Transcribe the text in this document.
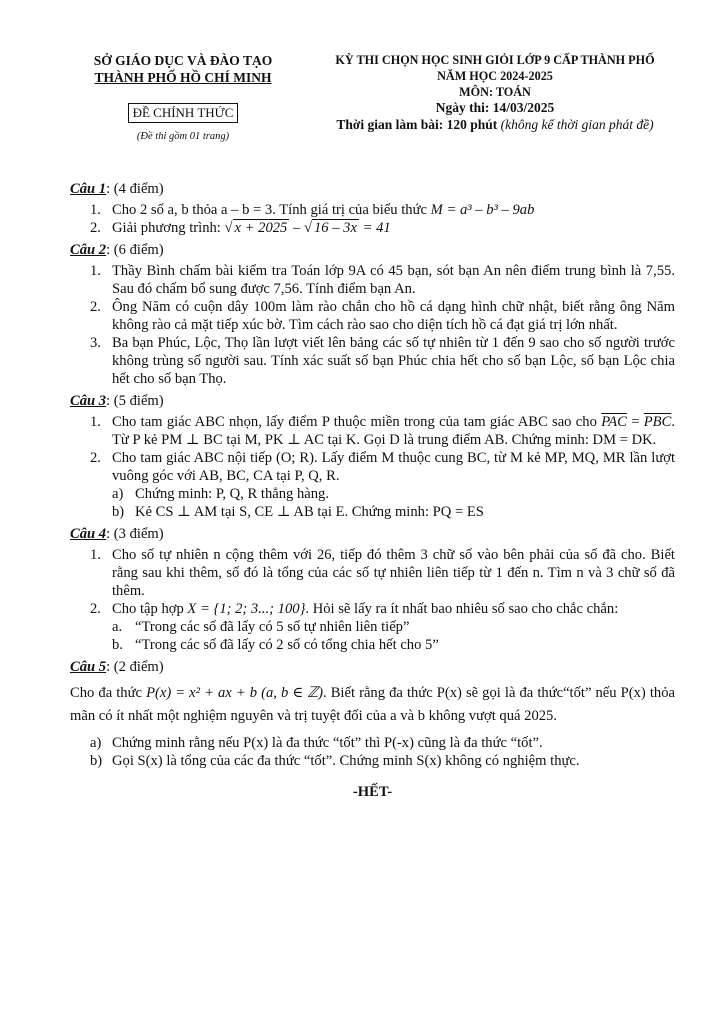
SỞ GIÁO DỤC VÀ ĐÀO TẠO
THÀNH PHỐ HỒ CHÍ MINH
ĐỀ CHÍNH THỨC
(Đề thi gồm 01 trang)
KỲ THI CHỌN HỌC SINH GIỎI LỚP 9 CẤP THÀNH PHỐ
NĂM HỌC 2024-2025
MÔN: TOÁN
Ngày thi: 14/03/2025
Thời gian làm bài: 120 phút (không kể thời gian phát đề)
Câu 1: (4 điểm)
1. Cho 2 số a, b thỏa a – b = 3. Tính giá trị của biểu thức M = a³ – b³ – 9ab
2. Giải phương trình: √ x + 2025 – √ 16 – 3x = 41
Câu 2: (6 điểm)
1. Thầy Bình chấm bài kiểm tra Toán lớp 9A có 45 bạn, sót bạn An nên điểm trung bình là 7,55. Sau đó chấm bổ sung được 7,56. Tính điểm bạn An.
2. Ông Năm có cuộn dây 100m làm rào chắn cho hồ cá dạng hình chữ nhật, biết rằng ông Năm không rào cả mặt tiếp xúc bờ. Tìm cách rào sao cho diện tích hồ cá đạt giá trị lớn nhất.
3. Ba bạn Phúc, Lộc, Thọ lần lượt viết lên bảng các số tự nhiên từ 1 đến 9 sao cho số người trước không trùng số người sau. Tính xác suất số bạn Phúc chia hết cho số bạn Lộc, số bạn Lộc chia hết cho số bạn Thọ.
Câu 3: (5 điểm)
1. Cho tam giác ABC nhọn, lấy điểm P thuộc miền trong của tam giác ABC sao cho $\overline{PAC} = \overline{PBC}$. Từ P kẻ PM ⊥ BC tại M, PK ⊥ AC tại K. Gọi D là trung điểm AB. Chứng minh: DM = DK.
2. Cho tam giác ABC nội tiếp (O; R). Lấy điểm M thuộc cung BC, từ M kẻ MP, MQ, MR lần lượt vuông góc với AB, BC, CA tại P, Q, R.
a) Chứng minh: P, Q, R thẳng hàng.
b) Kẻ CS ⊥ AM tại S, CE ⊥ AB tại E. Chứng minh: PQ = ES
Câu 4: (3 điểm)
1. Cho số tự nhiên n cộng thêm với 26, tiếp đó thêm 3 chữ số vào bên phải của số đã cho. Biết rằng sau khi thêm, số đó là tổng của các số tự nhiên liên tiếp từ 1 đến n. Tìm n và 3 chữ số đã thêm.
2. Cho tập hợp X = {1; 2; 3...; 100}. Hỏi sẽ lấy ra ít nhất bao nhiêu số sao cho chắc chắn:
a. “Trong các số đã lấy có 5 số tự nhiên liên tiếp”
b. “Trong các số đã lấy có 2 số có tổng chia hết cho 5”
Câu 5: (2 điểm)
Cho đa thức P(x) = x² + ax + b (a, b ∈ ℤ). Biết rằng đa thức P(x) sẽ gọi là đa thức“tốt” nếu P(x) thỏa mãn có ít nhất một nghiệm nguyên và trị tuyệt đối của a và b không vượt quá 2025.
a) Chứng minh rằng nếu P(x) là đa thức “tốt” thì P(-x) cũng là đa thức “tốt”.
b) Gọi S(x) là tổng của các đa thức “tốt”. Chứng minh S(x) không có nghiệm thực.
-HẾT-
